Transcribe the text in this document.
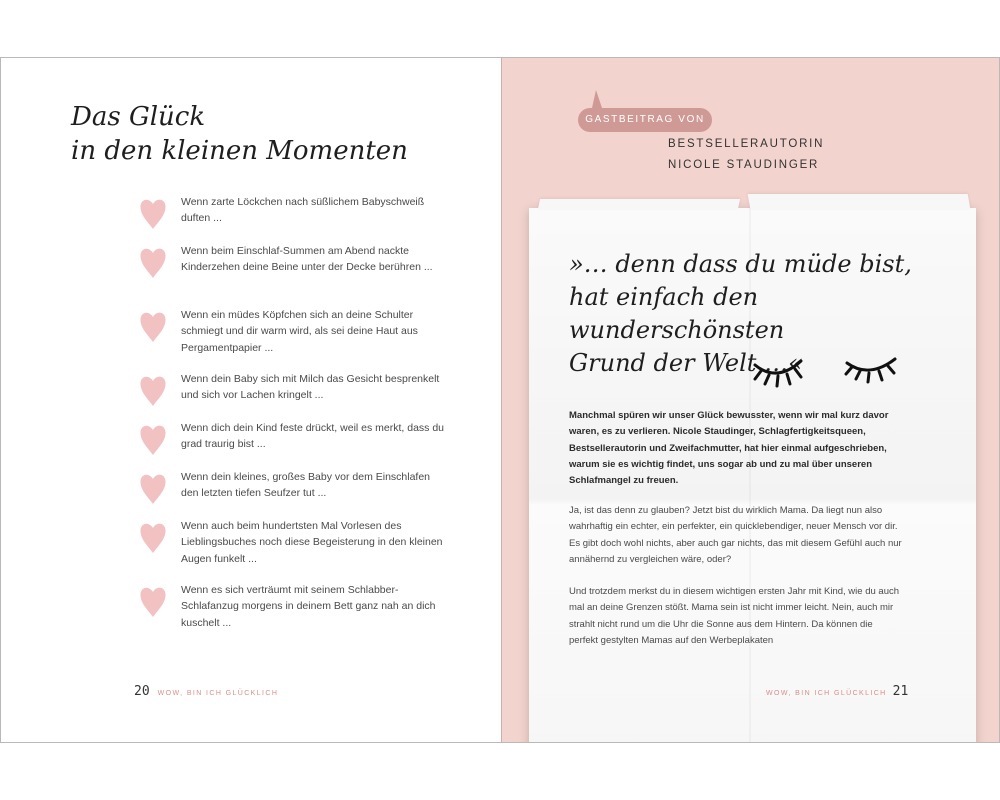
Das Glück
in den kleinen Momenten

Wenn zarte Löckchen nach süßlichem Babyschweiß duften ...

Wenn beim Einschlaf-Summen am Abend nackte Kinderzehen deine Beine unter der Decke berühren ...

Wenn ein müdes Köpfchen sich an deine Schulter schmiegt und dir warm wird, als sei deine Haut aus Pergamentpapier ...

Wenn dein Baby sich mit Milch das Gesicht besprenkelt und sich vor Lachen kringelt ...

Wenn dich dein Kind feste drückt, weil es merkt, dass du grad traurig bist ...

Wenn dein kleines, großes Baby vor dem Einschlafen den letzten tiefen Seufzer tut ...

Wenn auch beim hundertsten Mal Vorlesen des Lieblingsbuches noch diese Begeisterung in den kleinen Augen funkelt ...

Wenn es sich verträumt mit seinem Schlabber-Schlafanzug morgens in deinem Bett ganz nah an dich kuschelt ...

20 WOW, BIN ICH GLÜCKLICH
GASTBEITRAG VON
BESTSELLERAUTORIN
NICOLE STAUDINGER
»… denn dass du müde bist,
hat einfach den wunderschönsten
Grund der Welt …«

Manchmal spüren wir unser Glück bewusster, wenn wir mal kurz davor waren, es zu verlieren. Nicole Staudinger, Schlagfertigkeitsqueen, Bestsellerautorin und Zweifachmutter, hat hier einmal aufgeschrieben, warum sie es wichtig findet, uns sogar ab und zu mal über unseren Schlafmangel zu freuen.

Ja, ist das denn zu glauben? Jetzt bist du wirklich Mama. Da liegt nun also wahrhaftig ein echter, ein perfekter, ein quicklebendiger, neuer Mensch vor dir. Es gibt doch wohl nichts, aber auch gar nichts, das mit diesem Gefühl auch nur annähernd zu vergleichen wäre, oder?

Und trotzdem merkst du in diesem wichtigen ersten Jahr mit Kind, wie du auch mal an deine Grenzen stößt. Mama sein ist nicht immer leicht. Nein, auch mir strahlt nicht rund um die Uhr die Sonne aus dem Hintern. Da können die perfekt gestylten Mamas auf den Werbeplakaten

WOW, BIN ICH GLÜCKLICH 21
